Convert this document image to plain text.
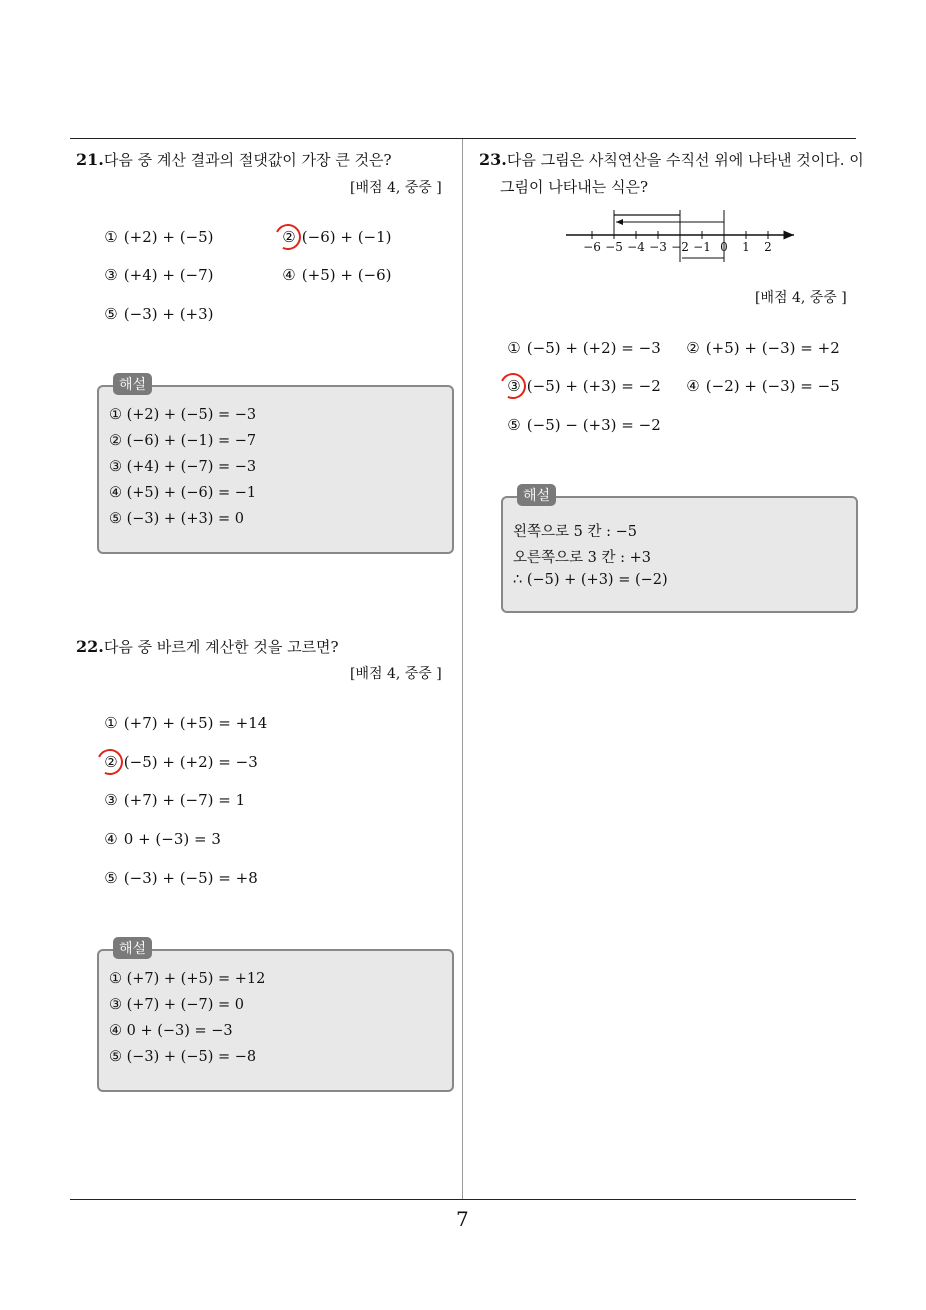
21.다음 중 계산 결과의 절댓값이 가장 큰 것은?
[배점 4, 중중 ]
① (+2) + (−5)	② (−6) + (−1)
③ (+4) + (−7)	④ (+5) + (−6)
⑤ (−3) + (+3)
① (+2) + (−5) = −3
② (−6) + (−1) = −7
③ (+4) + (−7) = −3
④ (+5) + (−6) = −1
⑤ (−3) + (+3) = 0
해설
22.다음 중 바르게 계산한 것을 고르면?
[배점 4, 중중 ]
① (+7) + (+5) = +14
② (−5) + (+2) = −3
③ (+7) + (−7) = 1
④ 0 + (−3) = 3
⑤ (−3) + (−5) = +8
① (+7) + (+5) = +12
③ (+7) + (−7) = 0
④ 0 + (−3) = −3
⑤ (−3) + (−5) = −8
해설
23.다음 그림은 사칙연산을 수직선 위에 나타낸 것이다. 이
그림이 나타내는 식은?
−6 −5 −4 −3 −2 −1 0 1 2
[배점 4, 중중 ]
① (−5) + (+2) = −3 ② (+5) + (−3) = +2
③ (−5) + (+3) = −2 ④ (−2) + (−3) = −5
⑤ (−5) − (+3) = −2
왼쪽으로 5 칸 : −5
오른쪽으로 3 칸 : +3
∴ (−5) + (+3) = (−2)
해설
7
